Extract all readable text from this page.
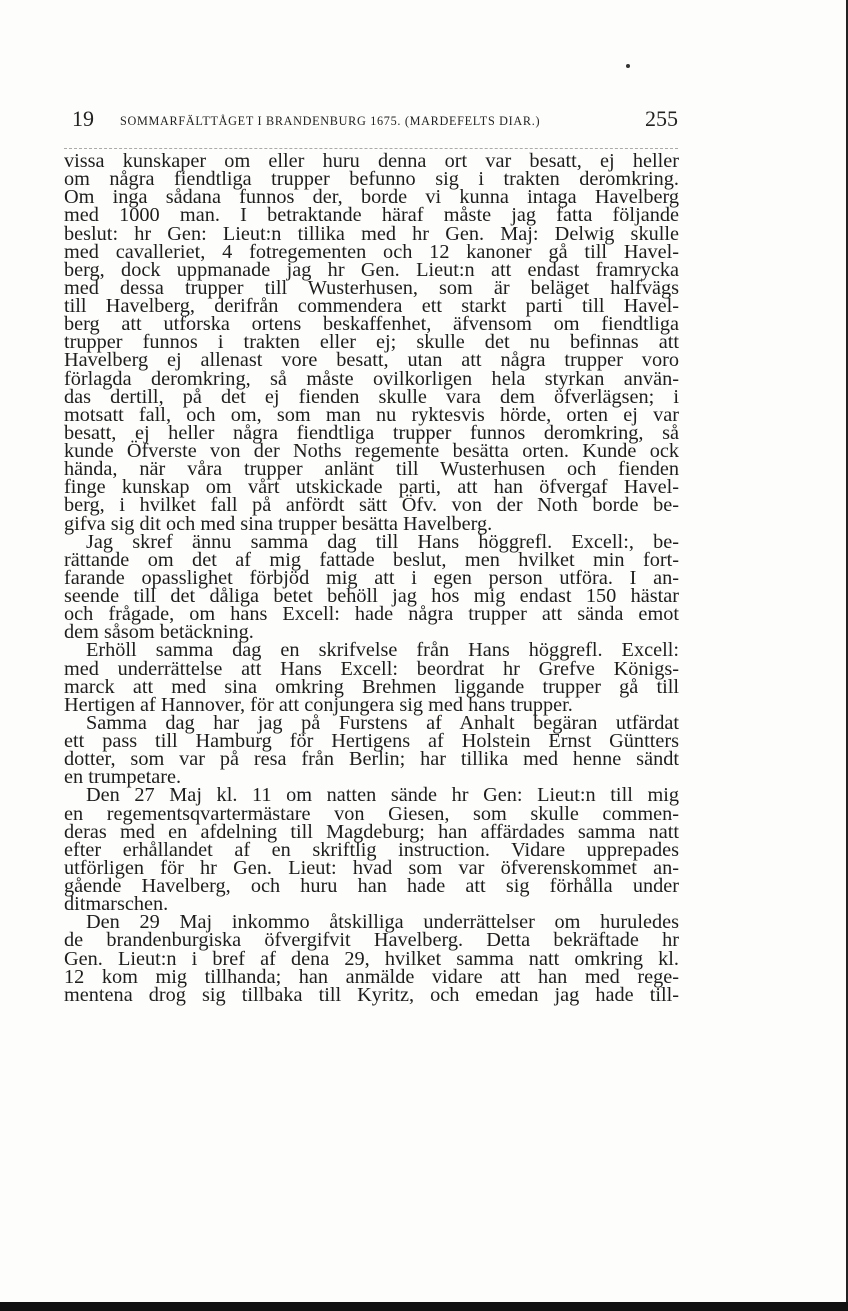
19 SOMMARFÄLTTÅGET I BRANDENBURG 1675. (MARDEFELTS DIAR.)	255
vissa kunskaper om eller huru denna ort var besatt, ej heller
om några fiendtliga trupper befunno sig i trakten deromkring.
Om inga sådana funnos der, borde vi kunna intaga Havelberg
med 1000 man. I betraktande häraf måste jag fatta följande
beslut: hr Gen: Lieut:n tillika med hr Gen. Maj: Delwig skulle
med cavalleriet, 4 fotregementen och 12 kanoner gå till Havel-
berg, dock uppmanade jag hr Gen. Lieut:n att endast framrycka
med dessa trupper till Wusterhusen, som är beläget halfvägs
till Havelberg, derifrån commendera ett starkt parti till Havel-
berg att utforska ortens beskaffenhet, äfvensom om fiendtliga
trupper funnos i trakten eller ej; skulle det nu befinnas att
Havelberg ej allenast vore besatt, utan att några trupper voro
förlagda deromkring, så måste ovilkorligen hela styrkan använ-
das dertill, på det ej fienden skulle vara dem öfverlägsen; i
motsatt fall, och om, som man nu ryktesvis hörde, orten ej var
besatt, ej heller några fiendtliga trupper funnos deromkring, så
kunde Öfverste von der Noths regemente besätta orten. Kunde ock
hända, när våra trupper anlänt till Wusterhusen och fienden
finge kunskap om vårt utskickade parti, att han öfvergaf Havel-
berg, i hvilket fall på anfördt sätt Öfv. von der Noth borde be-
gifva sig dit och med sina trupper besätta Havelberg.
Jag skref ännu samma dag till Hans höggrefl. Excell:, be-
rättande om det af mig fattade beslut, men hvilket min fort-
farande opasslighet förbjöd mig att i egen person utföra. I an-
seende till det dåliga betet behöll jag hos mig endast 150 hästar
och frågade, om hans Excell: hade några trupper att sända emot
dem såsom betäckning.
Erhöll samma dag en skrifvelse från Hans höggrefl. Excell:
med underrättelse att Hans Excell: beordrat hr Grefve Königs-
marck att med sina omkring Brehmen liggande trupper gå till
Hertigen af Hannover, för att conjungera sig med hans trupper.
Samma dag har jag på Furstens af Anhalt begäran utfärdat
ett pass till Hamburg för Hertigens af Holstein Ernst Güntters
dotter, som var på resa från Berlin; har tillika med henne sändt
en trumpetare.
Den 27 Maj kl. 11 om natten sände hr Gen: Lieut:n till mig
en regementsqvartermästare von Giesen, som skulle commen-
deras med en afdelning till Magdeburg; han affärdades samma natt
efter erhållandet af en skriftlig instruction. Vidare upprepades
utförligen för hr Gen. Lieut: hvad som var öfverenskommet an-
gående Havelberg, och huru han hade att sig förhålla under
ditmarschen.
Den 29 Maj inkommo åtskilliga underrättelser om huruledes
de brandenburgiska öfvergifvit Havelberg. Detta bekräftade hr
Gen. Lieut:n i bref af dena 29, hvilket samma natt omkring kl.
12 kom mig tillhanda; han anmälde vidare att han med rege-
mentena drog sig tillbaka till Kyritz, och emedan jag hade till-
